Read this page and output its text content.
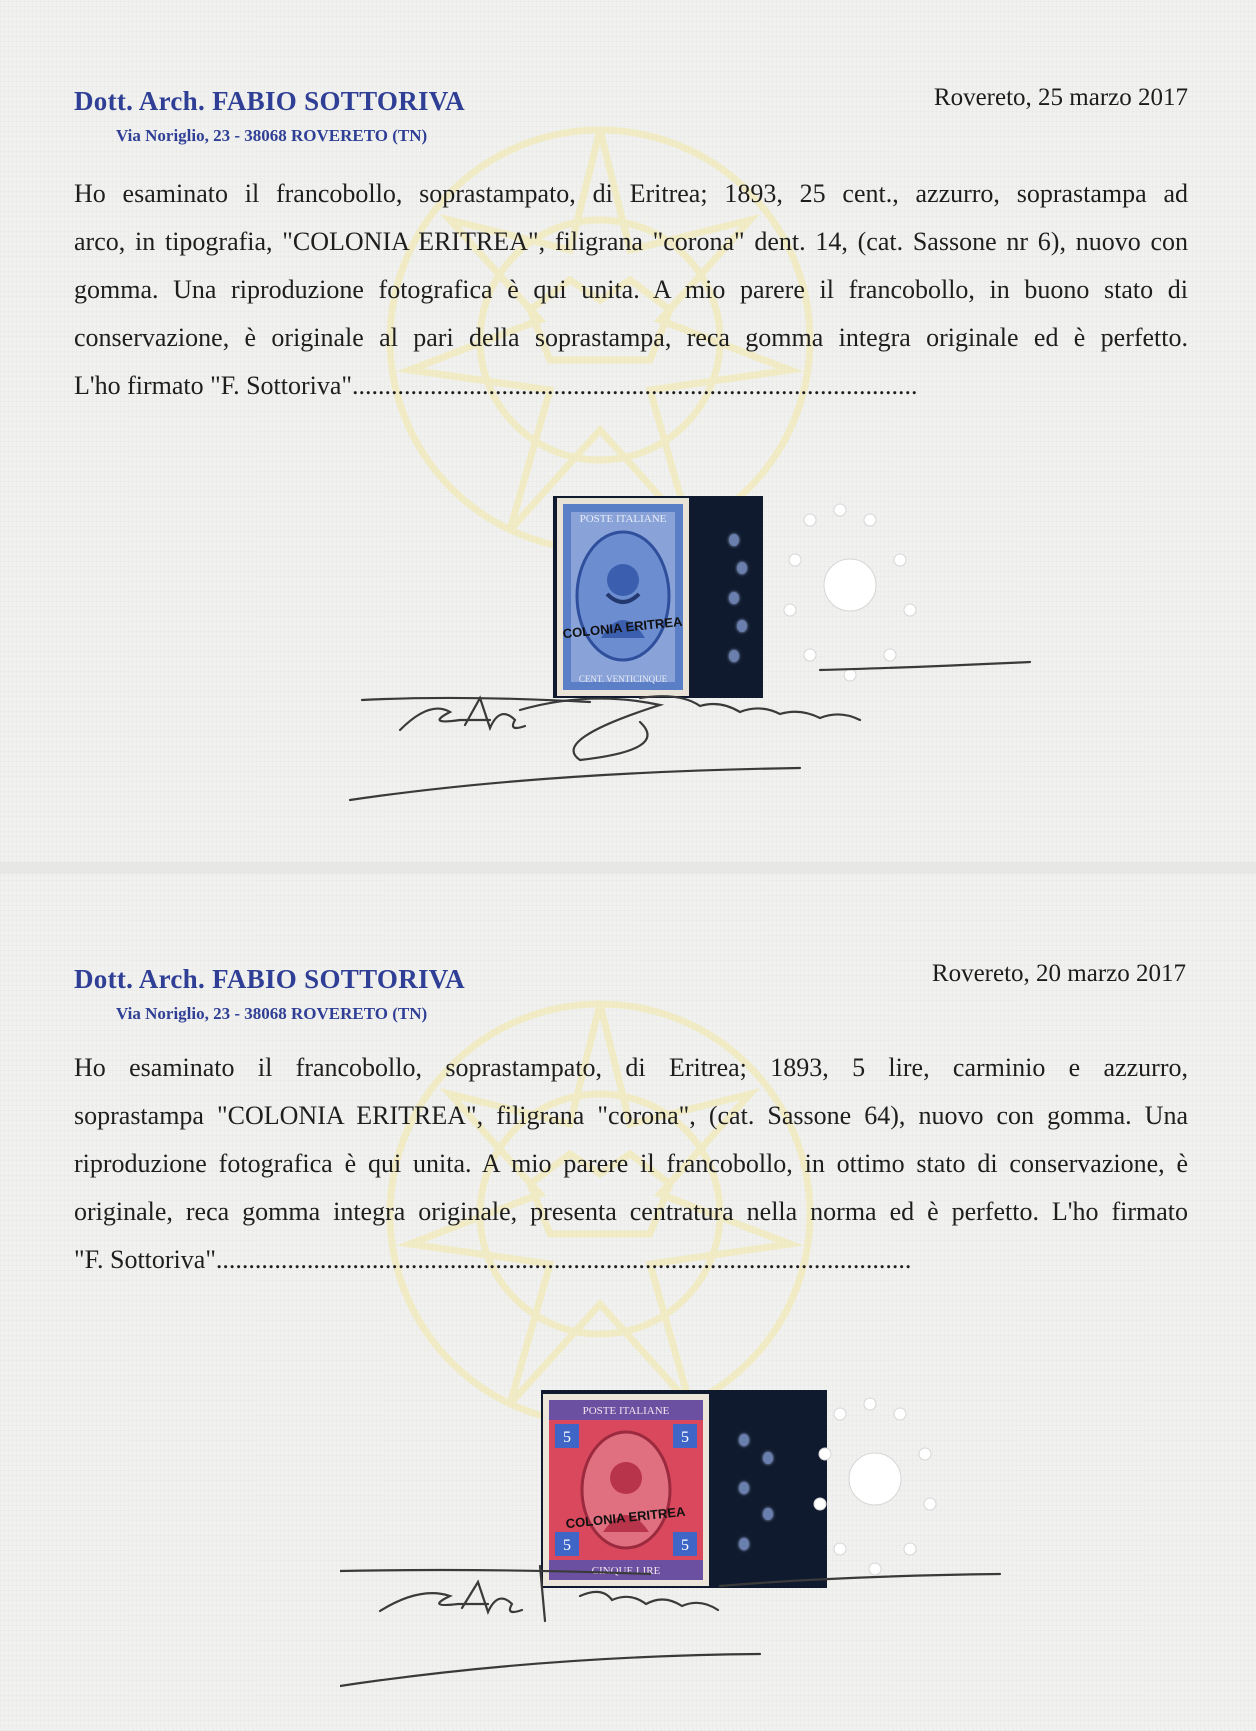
Dott. Arch. FABIO SOTTORIVA
Via Noriglio, 23 - 38068 ROVERETO (TN)
Rovereto, 25 marzo 2017
Ho esaminato il francobollo, soprastampato, di Eritrea; 1893, 25 cent., azzurro, soprastampa ad
arco, in tipografia, "COLONIA ERITREA", filigrana "corona" dent. 14, (cat. Sassone nr 6), nuovo con
gomma. Una riproduzione fotografica è qui unita. A mio parere il francobollo, in buono stato di
conservazione, è originale al pari della soprastampa, reca gomma integra originale ed è perfetto.
L'ho firmato "F. Sottoriva".......................................................................................
POSTE ITALIANE
CENT. VENTICINQUE
COLONIA ERITREA
Dott. Arch. FABIO SOTTORIVA
Via Noriglio, 23 - 38068 ROVERETO (TN)
Rovereto, 20 marzo 2017
Ho esaminato il francobollo, soprastampato, di Eritrea; 1893, 5 lire, carminio e azzurro,
soprastampa "COLONIA ERITREA", filigrana "corona", (cat. Sassone 64), nuovo con gomma. Una
riproduzione fotografica è qui unita. A mio parere il francobollo, in ottimo stato di conservazione, è
originale, reca gomma integra originale, presenta centratura nella norma ed è perfetto. L'ho firmato
"F. Sottoriva"...........................................................................................................
5	5
5	5
POSTE ITALIANE
CINQUE LIRE
COLONIA ERITREA
